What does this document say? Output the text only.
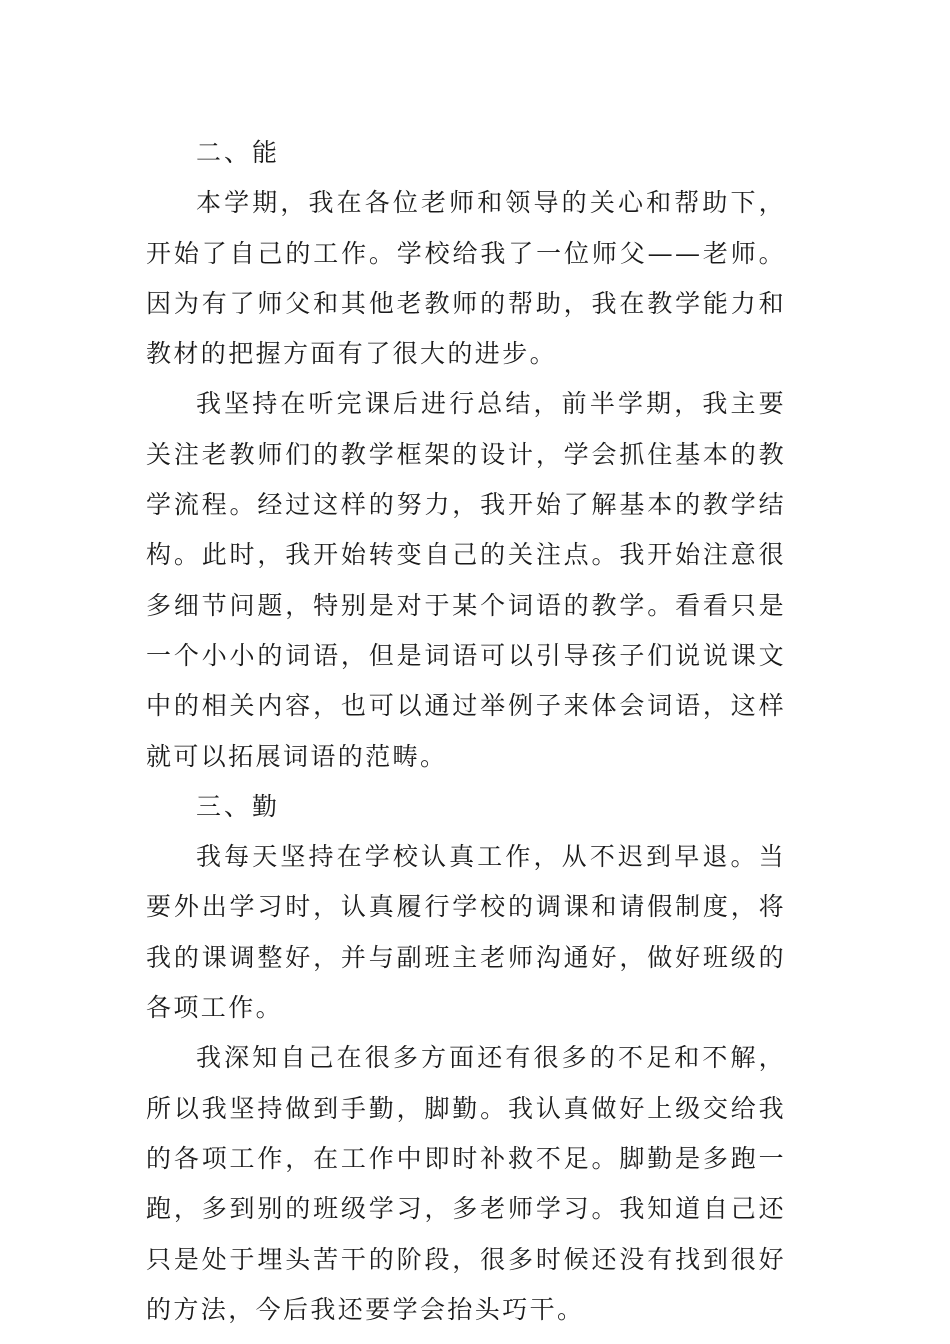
二、能

本学期，我在各位老师和领导的关心和帮助下，开始了自己的工作。学校给我了一位师父——老师。因为有了师父和其他老教师的帮助，我在教学能力和教材的把握方面有了很大的进步。

我坚持在听完课后进行总结，前半学期，我主要关注老教师们的教学框架的设计，学会抓住基本的教学流程。经过这样的努力，我开始了解基本的教学结构。此时，我开始转变自己的关注点。我开始注意很多细节问题，特别是对于某个词语的教学。看看只是一个小小的词语，但是词语可以引导孩子们说说课文中的相关内容，也可以通过举例子来体会词语，这样就可以拓展词语的范畴。

三、勤

我每天坚持在学校认真工作，从不迟到早退。当要外出学习时，认真履行学校的调课和请假制度，将我的课调整好，并与副班主老师沟通好，做好班级的各项工作。

我深知自己在很多方面还有很多的不足和不解，所以我坚持做到手勤，脚勤。我认真做好上级交给我的各项工作，在工作中即时补救不足。脚勤是多跑一跑，多到别的班级学习，多老师学习。我知道自己还只是处于埋头苦干的阶段，很多时候还没有找到很好的方法，今后我还要学会抬头巧干。
